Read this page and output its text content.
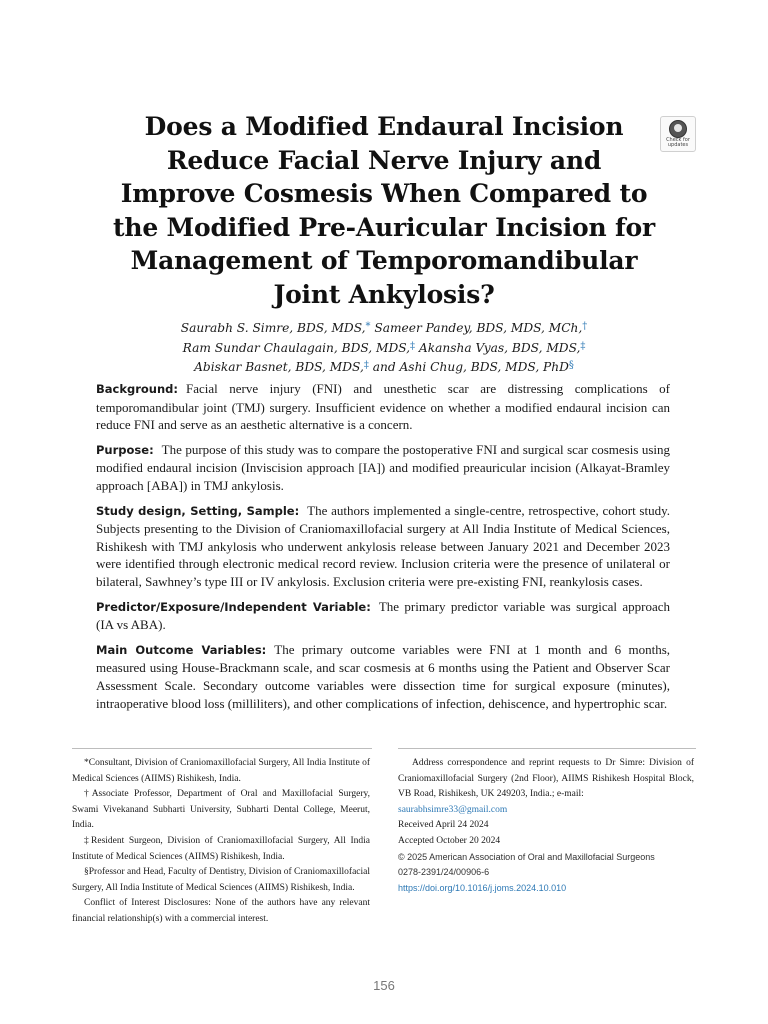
Does a Modified Endaural Incision
Reduce Facial Nerve Injury and
Improve Cosmesis When Compared to
the Modified Pre-Auricular Incision for
Management of Temporomandibular
Joint Ankylosis?
Check for
updates
Saurabh S. Simre, BDS, MDS,* Sameer Pandey, BDS, MDS, MCh,†
Ram Sundar Chaulagain, BDS, MDS,‡ Akansha Vyas, BDS, MDS,‡
Abiskar Basnet, BDS, MDS,‡ and Ashi Chug, BDS, MDS, PhD§

Background: Facial nerve injury (FNI) and unesthetic scar are distressing complications of temporomandibular joint (TMJ) surgery. Insufficient evidence on whether a modified endaural incision can reduce FNI and serve as an aesthetic alternative is a concern.

Purpose: The purpose of this study was to compare the postoperative FNI and surgical scar cosmesis using modified endaural incision (Inviscision approach [IA]) and modified preauricular incision (Alkayat-Bramley approach [ABA]) in TMJ ankylosis.

Study design, Setting, Sample: The authors implemented a single-centre, retrospective, cohort study. Subjects presenting to the Division of Craniomaxillofacial surgery at All India Institute of Medical Sciences, Rishikesh with TMJ ankylosis who underwent ankylosis release between January 2021 and December 2023 were identified through electronic medical record review. Inclusion criteria were the presence of unilateral or bilateral, Sawhney’s type III or IV ankylosis. Exclusion criteria were pre-existing FNI, reankylosis cases.

Predictor/Exposure/Independent Variable: The primary predictor variable was surgical approach (IA vs ABA).

Main Outcome Variables: The primary outcome variables were FNI at 1 month and 6 months, measured using House-Brackmann scale, and scar cosmesis at 6 months using the Patient and Observer Scar Assessment Scale. Secondary outcome variables were dissection time for surgical exposure (minutes), intraoperative blood loss (milliliters), and other complications of infection, dehiscence, and hypertrophic scar.

*Consultant, Division of Craniomaxillofacial Surgery, All India Institute of Medical Sciences (AIIMS) Rishikesh, India.

†Associate Professor, Department of Oral and Maxillofacial Surgery, Swami Vivekanand Subharti University, Subharti Dental College, Meerut, India.

‡Resident Surgeon, Division of Craniomaxillofacial Surgery, All India Institute of Medical Sciences (AIIMS) Rishikesh, India.

§Professor and Head, Faculty of Dentistry, Division of Craniomaxillofacial Surgery, All India Institute of Medical Sciences (AIIMS) Rishikesh, India.

Conflict of Interest Disclosures: None of the authors have any relevant financial relationship(s) with a commercial interest.

Address correspondence and reprint requests to Dr Simre: Division of Craniomaxillofacial Surgery (2nd Floor), AIIMS Rishikesh Hospital Block, VB Road, Rishikesh, UK 249203, India.; e-mail:

saurabhsimre33@gmail.com

Received April 24 2024

Accepted October 20 2024

© 2025 American Association of Oral and Maxillofacial Surgeons

0278-2391/24/00906-6

https://doi.org/10.1016/j.joms.2024.10.010

156
